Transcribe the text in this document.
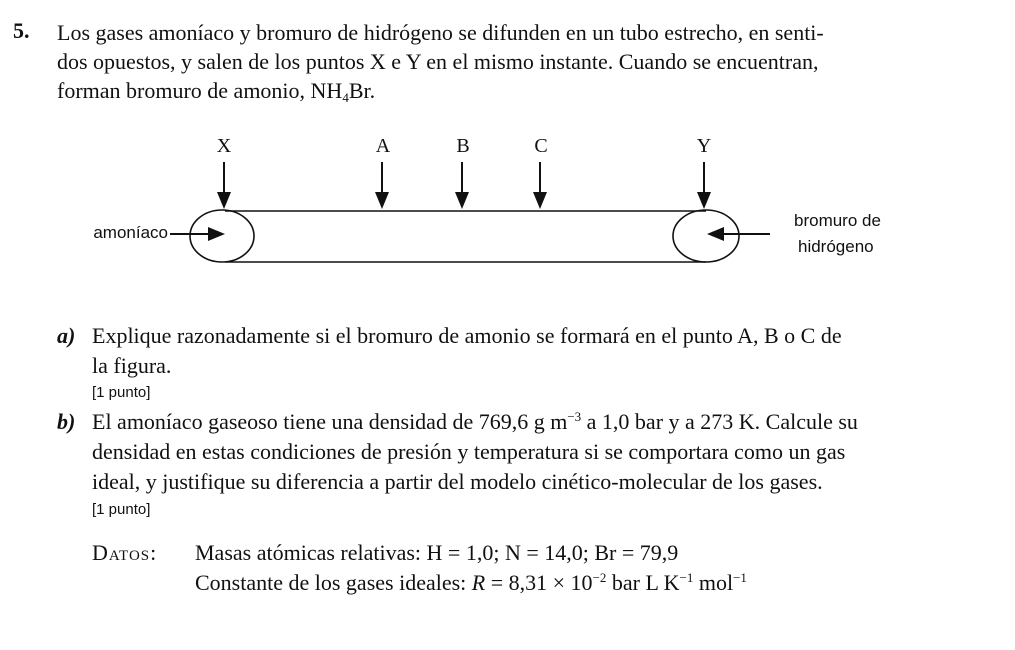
5. Los gases amoníaco y bromuro de hidrógeno se difunden en un tubo estrecho, en senti-
dos opuestos, y salen de los puntos X e Y en el mismo instante. Cuando se encuentran,
forman bromuro de amonio, $NH_4Br$.
X	A	B	C	Y
amoníaco
bromuro de
hidrógeno
a) Explique razonadamente si el bromuro de amonio se formará en el punto A, B o C de
la figura.
[1 punto]
b) El amoníaco gaseoso tiene una densidad de 769,6 g $m^{-3}$ a 1,0 bar y a 273 K. Calcule su
densidad en estas condiciones de presión y temperatura si se comportara como un gas
ideal, y justifique su diferencia a partir del modelo cinético-molecular de los gases.
[1 punto]
Datos: Masas atómicas relativas: H = 1,0; N = 14,0; Br = 79,9
Constante de los gases ideales: $R = 8,31 \times 10^{-2}$ bar L $K^{-1}$ mol$^{-1}$
